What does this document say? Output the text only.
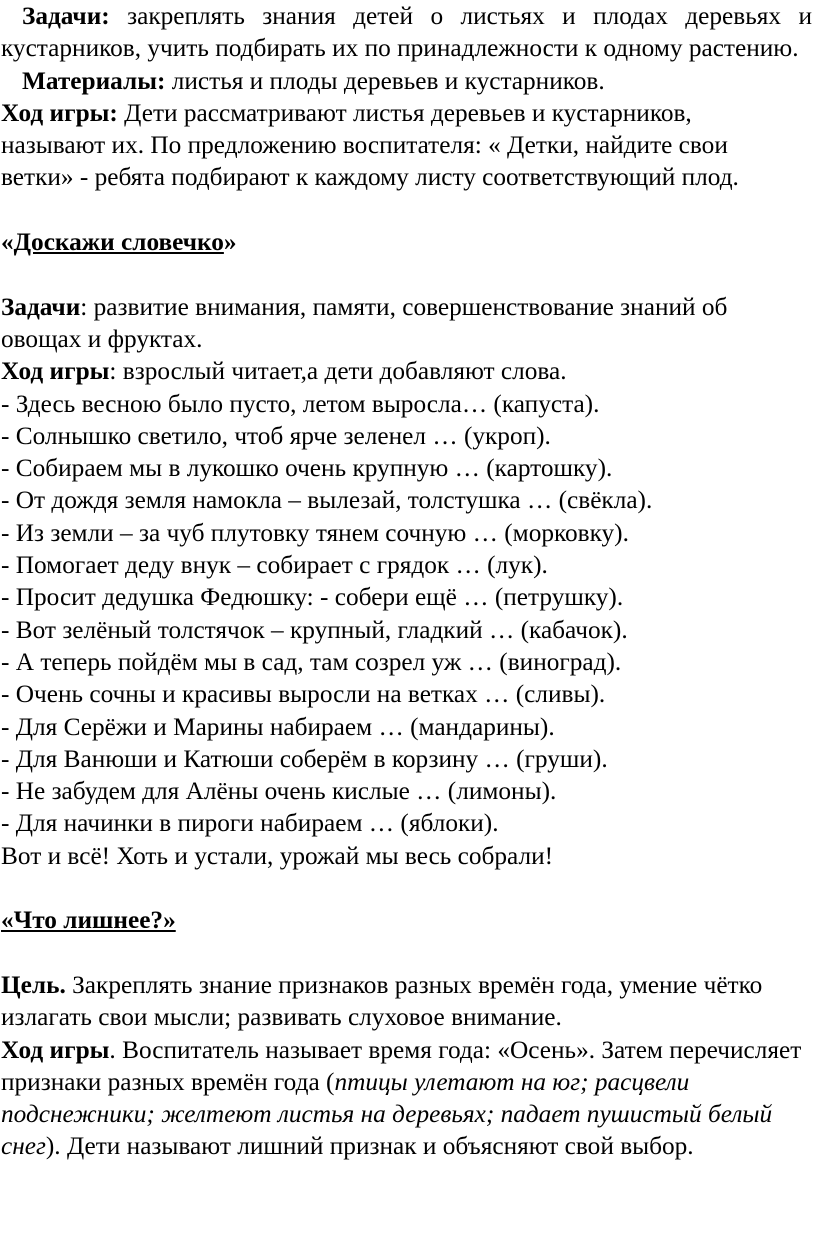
Задачи: закреплять знания детей о листьях и плодах деревьях и кустарников, учить подбирать их по принадлежности к одному растению.

Материалы: листья и плоды деревьев и кустарников.

Ход игры: Дети рассматривают листья деревьев и кустарников, называют их. По предложению воспитателя: « Детки, найдите свои ветки» - ребята подбирают к каждому листу соответствующий плод.

«Доскажи словечко»

Задачи: развитие внимания, памяти, совершенствование знаний об овощах и фруктах.

Ход игры: взрослый читает,а дети добавляют слова.

- Здесь весною было пусто, летом выросла… (капуста).

- Солнышко светило, чтоб ярче зеленел … (укроп).

- Собираем мы в лукошко очень крупную … (картошку).

- От дождя земля намокла – вылезай, толстушка … (свёкла).

- Из земли – за чуб плутовку тянем сочную … (морковку).

- Помогает деду внук – собирает с грядок … (лук).

- Просит дедушка Федюшку: - собери ещё … (петрушку).

- Вот зелёный толстячок – крупный, гладкий … (кабачок).

- А теперь пойдём мы в сад, там созрел уж … (виноград).

- Очень сочны и красивы выросли на ветках … (сливы).

- Для Серёжи и Марины набираем … (мандарины).

- Для Ванюши и Катюши соберём в корзину … (груши).

- Не забудем для Алёны очень кислые … (лимоны).

- Для начинки в пироги набираем … (яблоки).

Вот и всё! Хоть и устали, урожай мы весь собрали!

«Что лишнее?»

Цель. Закреплять знание признаков разных времён года, умение чётко излагать свои мысли; развивать слуховое внимание.

Ход игры. Воспитатель называет время года: «Осень». Затем перечисляет признаки разных времён года (птицы улетают на юг; расцвели подснежники; желтеют листья на деревьях; падает пушистый белый снег). Дети называют лишний признак и объясняют свой выбор.
